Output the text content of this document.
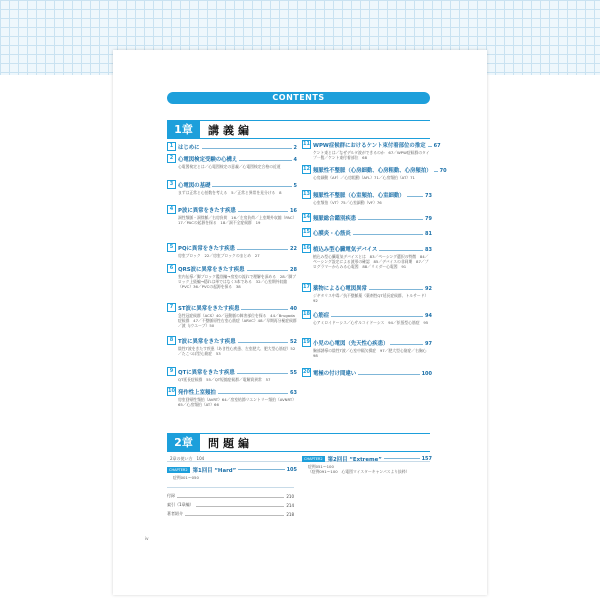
CONTENTS
1章	講義編
1 はじめに	2
2 心電図検定受験の心構え	4
心電図検定とは／心電図検定の意義／心電図検定合格の近道
3 心電図の基礎	5
まずは正常と心拍数を考える　5／正常と異常を見分ける　8
4 P波に異常をきたす疾患	16
洞性頻脈・洞徐脈／右房負荷　16／左房負荷／上室期外収縮（PAC）17／PACの起源を探る　18／洞不全症候群　19
5 PQに異常をきたす疾患	22
房室ブロック　22／房室ブロックのまとめ　27
6 QRS波に異常をきたす疾患	28
室内伝導／脚ブロック鑑別編→房室の流れで理解を深める　28／脚ブロック上級編→隠れは単ではなく3本である　32／心室期外収縮（PVC）36／PVCの起源を探る　38
7 ST波に異常をきたす疾患	40
急性冠症候群（ACS）40／冠動脈の障害部位を探る　44／Brugada症候群　47／不整脈原性右室心筋症（ARVC）48／早期再分極症候群／波（Jウエーブ）50
8 T波に異常をきたす疾患	52
陰性T波をきたす疾患（あき性心疾患、左室肥大、肥大型心筋症）52／たこつぼ型心筋症　53
9 QTに異常をきたす疾患	55
QT延長症候群　55／QT短縮症候群／電解質異常　57
10 発作性上室頻拍	63
房室回帰性頻拍（AVRT）64／房室結節リエントリー頻拍（AVNRT）65／心房頻拍（AT）66
11 WPW症候群におけるケント束付着部位の推定 67
ケント束とは／なぜデルタ波ができるのか　67／WPW症候群のタイプ一覧／ケント束付着部位　68
12 頻脈性不整脈（心房細動、心房粗動、心房頻拍） 70
心房細動（AF）／心房粗動（AFL）71／心房頻拍（AT）71
13 頻脈性不整脈（心室頻拍、心室細動）	73
心室頻拍（VT）75／心室細動（VF）76
14 頻脈総合鑑別疾患	79
15 心膜炎・心筋炎	81
16 植込み型心臓電気デバイス	83
植込み型心臓電気デバイスとは　83／ペーシング選択の特徴　84／ペーシング設定による波形の確認　85／デバイスの非同期　87／プログラマーからみる心電図　88／リミダー心電図　91
17 薬物による心電図異常	92
ジギタリス中毒／抗不整脈薬（薬剤性QT延長症候群、トルサード）92
18 心筋症	94
心アミロイドーシス／心サルコイドーシス　94／拡張型心筋症　95
19 小児の心電図（先天性心疾患）	97
胸部誘導の陰性T波／心室中隔欠損症　97／肥大型心筋症／右胸心　98
20 電極の付け間違い	100
2章	問題編
2章の使い方　104
CHAPTER2 第1回目 “Hard”	105
症例001〜050
CHAPTER2 第2回目 “Extreme”	157
症例051〜100
（症例091〜100　心電図マイスターキャンパスより抜粋）
付録	210
索引（1章編）	214
著者紹介	218
iv
